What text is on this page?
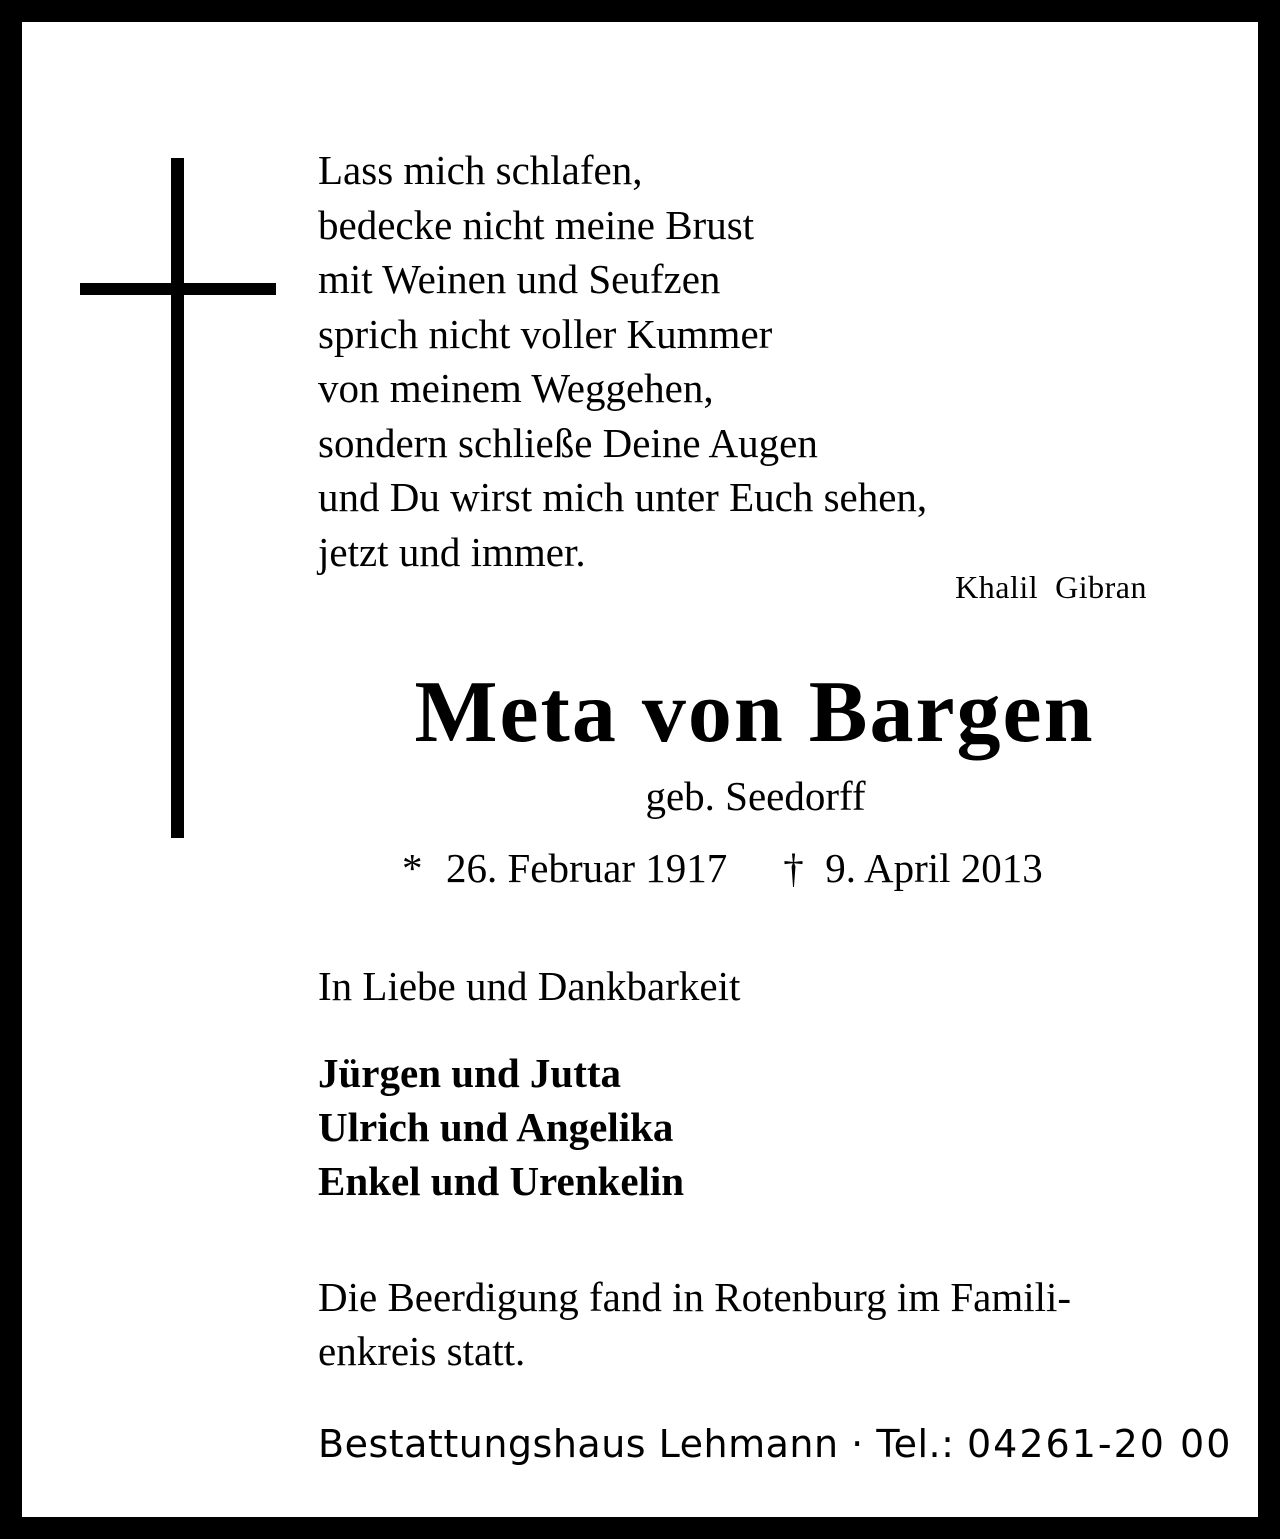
Lass mich schlafen,
bedecke nicht meine Brust
mit Weinen und Seufzen
sprich nicht voller Kummer
von meinem Weggehen,
sondern schließe Deine Augen
und Du wirst mich unter Euch sehen,
jetzt und immer.
Khalil  Gibran
Meta von Bargen
geb. Seedorff
* 26. Februar 1917 † 9. April 2013
In Liebe und Dankbarkeit
Jürgen und Jutta
Ulrich und Angelika
Enkel und Urenkelin
Die Beerdigung fand in Rotenburg im Famili-
enkreis statt.
Bestattungshaus Lehmann · Tel.: 04261-20 00
